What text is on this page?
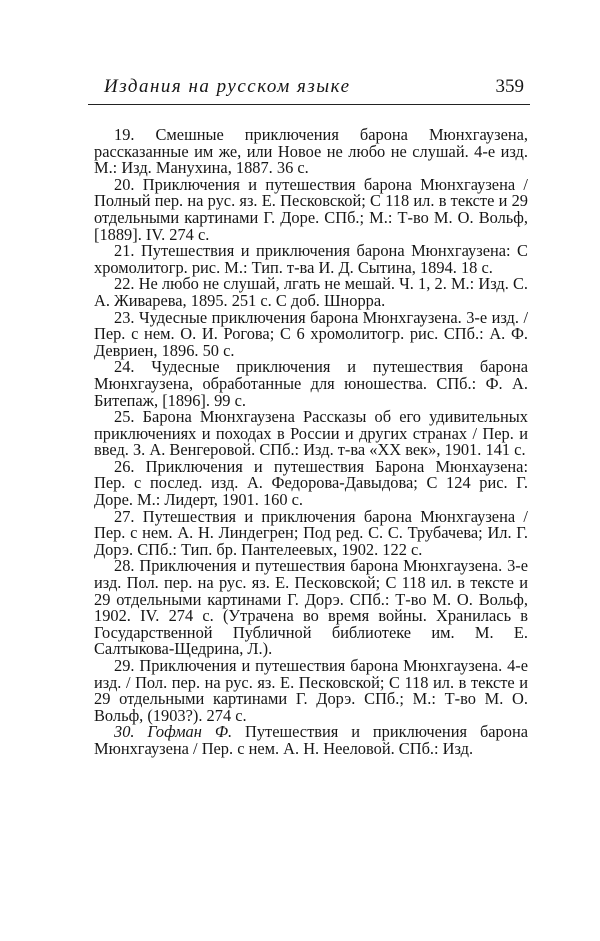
Издания на русском языке	359

19. Смешные приключения барона Мюнхгаузена, рассказанные им же, или Новое не любо не слушай. 4-е изд. М.: Изд. Манухина, 1887. 36 с.

20. Приключения и путешествия барона Мюнхгаузена / Полный пер. на рус. яз. Е. Песковской; С 118 ил. в тексте и 29 отдельными картинами Г. Доре. СПб.; М.: Т-во М. О. Вольф, [1889]. IV. 274 с.

21. Путешествия и приключения барона Мюнхгаузена: С хромолитогр. рис. М.: Тип. т-ва И. Д. Сытина, 1894. 18 с.

22. Не любо не слушай, лгать не мешай. Ч. 1, 2. М.: Изд. С. А. Живарева, 1895. 251 с. С доб. Шнорра.

23. Чудесные приключения барона Мюнхгаузена. 3-е изд. / Пер. с нем. О. И. Рогова; С 6 хромолитогр. рис. СПб.: А. Ф. Девриен, 1896. 50 с.

24. Чудесные приключения и путешествия барона Мюнхгаузена, обработанные для юношества. СПб.: Ф. А. Битепаж, [1896]. 99 с.

25. Барона Мюнхгаузена Рассказы об его удивительных приключениях и походах в России и других странах / Пер. и введ. З. А. Венгеровой. СПб.: Изд. т-ва «XX век», 1901. 141 с.

26. Приключения и путешествия Барона Мюнхаузена: Пер. с послед. изд. А. Федорова-Давыдова; С 124 рис. Г. Доре. М.: Лидерт, 1901. 160 с.

27. Путешествия и приключения барона Мюнхгаузена / Пер. с нем. А. Н. Линдегрен; Под ред. С. С. Трубачева; Ил. Г. Дорэ. СПб.: Тип. бр. Пантелеевых, 1902. 122 с.

28. Приключения и путешествия барона Мюнхгаузена. 3-е изд. Пол. пер. на рус. яз. Е. Песковской; С 118 ил. в тексте и 29 отдельными картинами Г. Дорэ. СПб.: Т-во М. О. Вольф, 1902. IV. 274 с. (Утрачена во время войны. Хранилась в Государственной Публичной библиотеке им. М. Е. Салтыкова-Щедрина, Л.).

29. Приключения и путешествия барона Мюнхгаузена. 4-е изд. / Пол. пер. на рус. яз. Е. Песковской; С 118 ил. в тексте и 29 отдельными картинами Г. Дорэ. СПб.; М.: Т-во М. О. Вольф, (1903?). 274 с.

30. Гофман Ф. Путешествия и приключения барона Мюнхгаузена / Пер. с нем. А. Н. Нееловой. СПб.: Изд.
